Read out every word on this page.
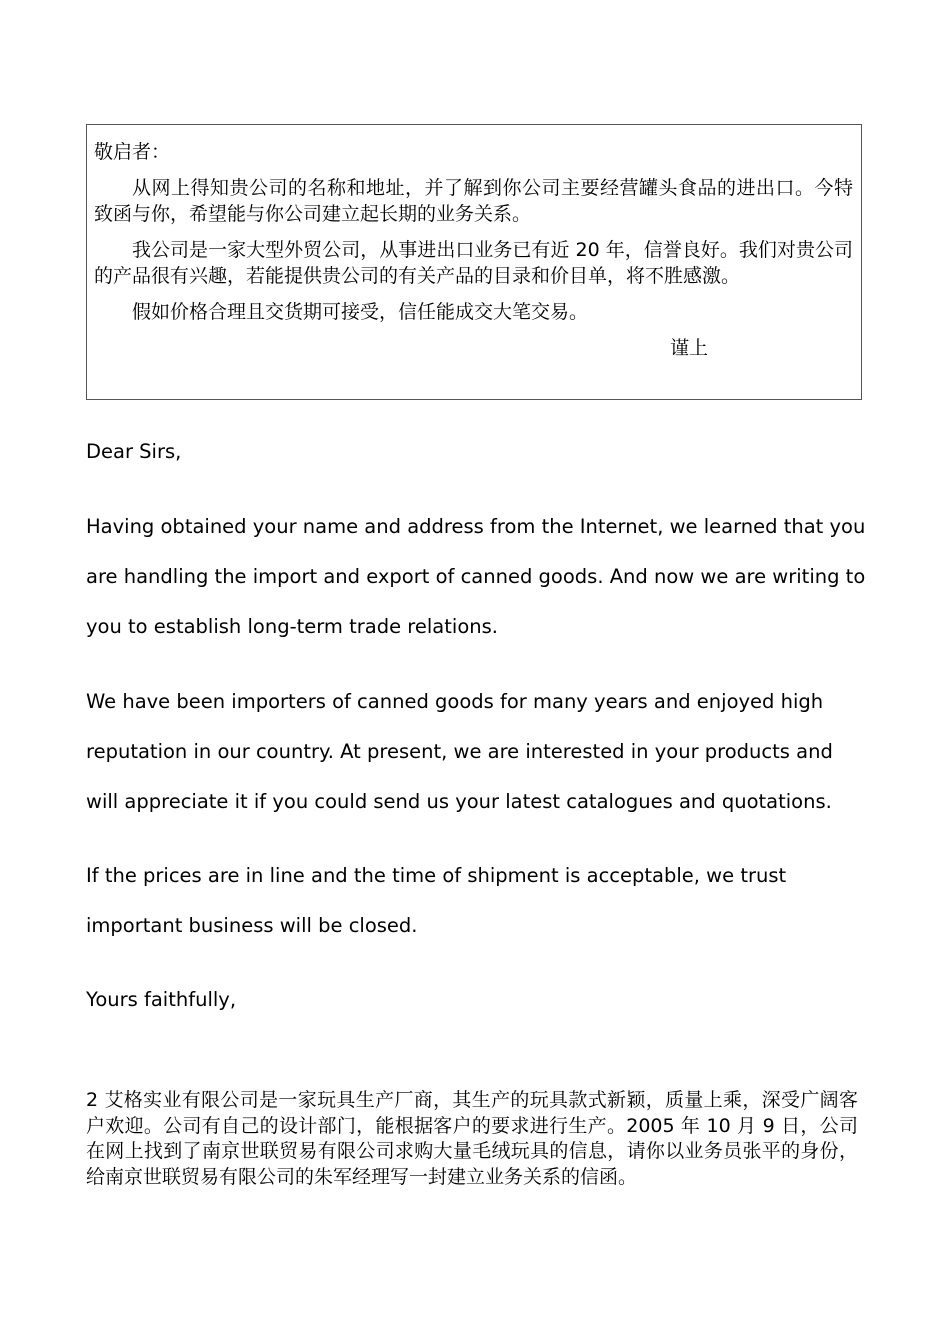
敬启者：

从网上得知贵公司的名称和地址，并了解到你公司主要经营罐头食品的进出口。今特致函与你，希望能与你公司建立起长期的业务关系。

我公司是一家大型外贸公司，从事进出口业务已有近 20 年，信誉良好。我们对贵公司的产品很有兴趣，若能提供贵公司的有关产品的目录和价目单，将不胜感激。

假如价格合理且交货期可接受，信任能成交大笔交易。

谨上

Dear Sirs,

Having obtained your name and address from the Internet, we learned that you are handling the import and export of canned goods. And now we are writing to you to establish long-term trade relations.

We have been importers of canned goods for many years and enjoyed high reputation in our country. At present, we are interested in your products and will appreciate it if you could send us your latest catalogues and quotations.

If the prices are in line and the time of shipment is acceptable, we trust important business will be closed.

Yours faithfully,

2 艾格实业有限公司是一家玩具生产厂商，其生产的玩具款式新颖，质量上乘，深受广阔客户欢迎。公司有自己的设计部门，能根据客户的要求进行生产。2005 年 10 月 9 日，公司在网上找到了南京世联贸易有限公司求购大量毛绒玩具的信息，请你以业务员张平的身份，给南京世联贸易有限公司的朱军经理写一封建立业务关系的信函。
